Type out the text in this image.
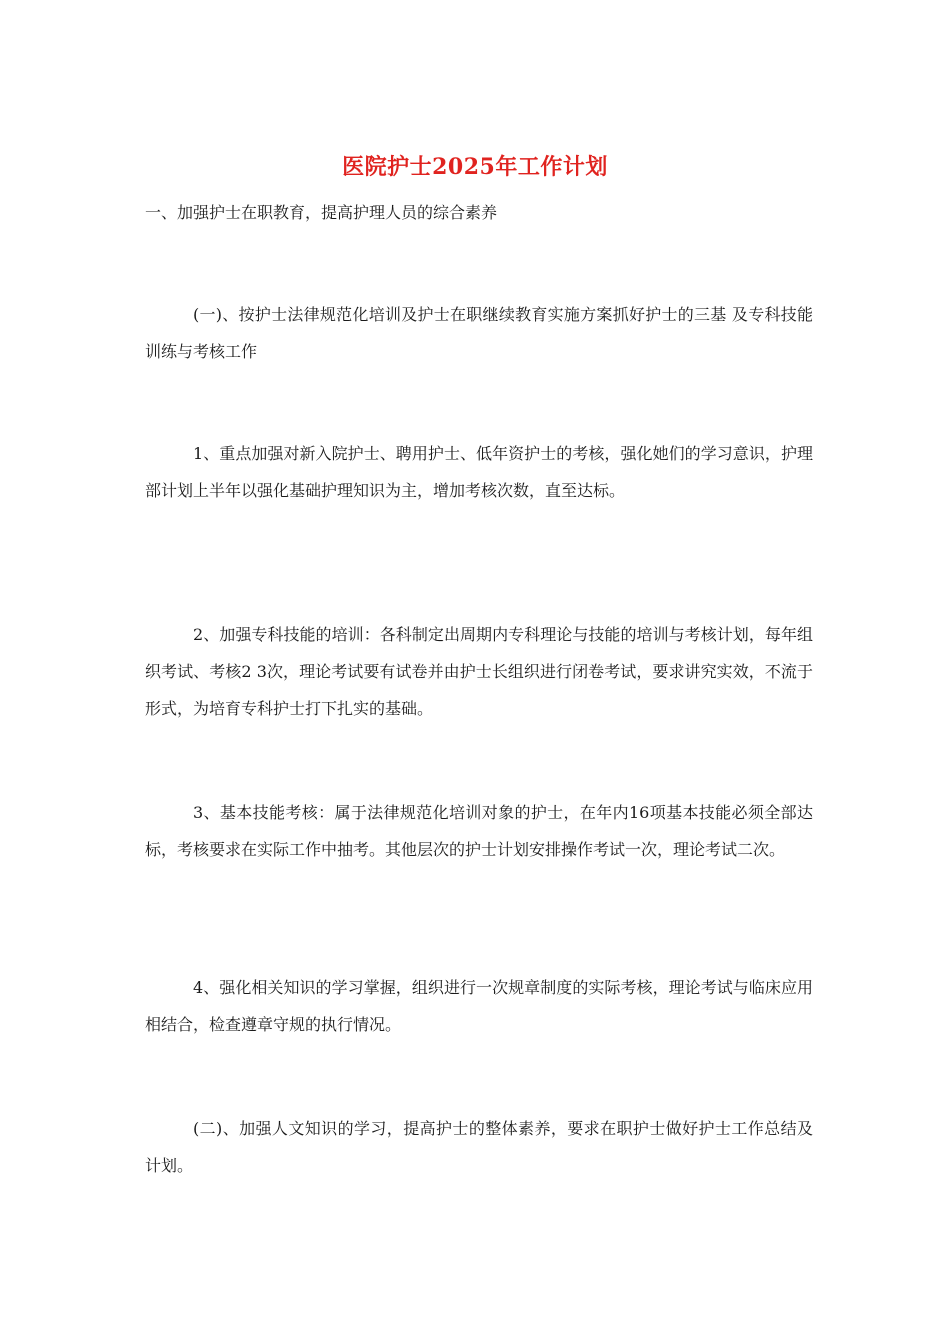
医院护士2025年工作计划

一、加强护士在职教育，提高护理人员的综合素养

(一)、按护士法律规范化培训及护士在职继续教育实施方案抓好护士的三基 及专科技能训练与考核工作

1、重点加强对新入院护士、聘用护士、低年资护士的考核，强化她们的学习意识，护理部计划上半年以强化基础护理知识为主，增加考核次数，直至达标。

2、加强专科技能的培训：各科制定出周期内专科理论与技能的培训与考核计划，每年组织考试、考核2 3次，理论考试要有试卷并由护士长组织进行闭卷考试，要求讲究实效，不流于形式，为培育专科护士打下扎实的基础。

3、基本技能考核：属于法律规范化培训对象的护士，在年内16项基本技能必须全部达标，考核要求在实际工作中抽考。其他层次的护士计划安排操作考试一次，理论考试二次。

4、强化相关知识的学习掌握，组织进行一次规章制度的实际考核，理论考试与临床应用相结合，检查遵章守规的执行情况。

(二)、加强人文知识的学习，提高护士的整体素养，要求在职护士做好护士工作总结及计划。
